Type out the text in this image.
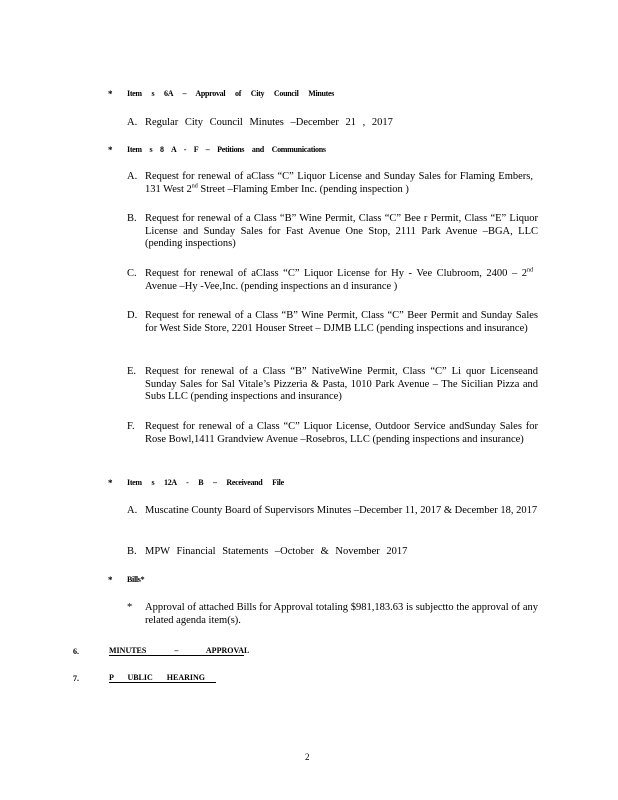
* Item s 6A – Approval of City Council Minutes
A. Regular City Council Minutes –December 21 , 2017
* Item s 8 A - F – Petitions and Communications
A. Request for renewal of aClass “C” Liquor License and Sunday Sales for Flaming Embers, 131 West 2nd Street –Flaming Ember Inc. (pending inspection )
B. Request for renewal of a Class “B” Wine Permit, Class “C” Bee r Permit, Class “E” Liquor License and Sunday Sales for Fast Avenue One Stop, 2111 Park Avenue –BGA, LLC (pending inspections)
C. Request for renewal of aClass “C” Liquor License for Hy - Vee Clubroom, 2400 – 2nd Avenue –Hy -Vee,Inc. (pending inspections an d insurance )
D. Request for renewal of a Class “B” Wine Permit, Class “C” Beer Permit and Sunday Sales for West Side Store, 2201 Houser Street – DJMB LLC (pending inspections and insurance)
E. Request for renewal of a Class “B” NativeWine Permit, Class “C” Li quor Licenseand Sunday Sales for Sal Vitale’s Pizzeria & Pasta, 1010 Park Avenue – The Sicilian Pizza and Subs LLC (pending inspections and insurance)
F. Request for renewal of a Class “C” Liquor License, Outdoor Service andSunday Sales for Rose Bowl,1411 Grandview Avenue –Rosebros, LLC (pending inspections and insurance)
* Item s 12A - B – Receiveand File
A. Muscatine County Board of Supervisors Minutes –December 11, 2017 & December 18, 2017
B. MPW Financial Statements –October & November 2017
* Bills*
* Approval of attached Bills for Approval totaling $981,183.63 is subjectto the approval of any related agenda item(s).
6.	MINUTES – APPROVAL
7.	P UBLIC HEARING
2
